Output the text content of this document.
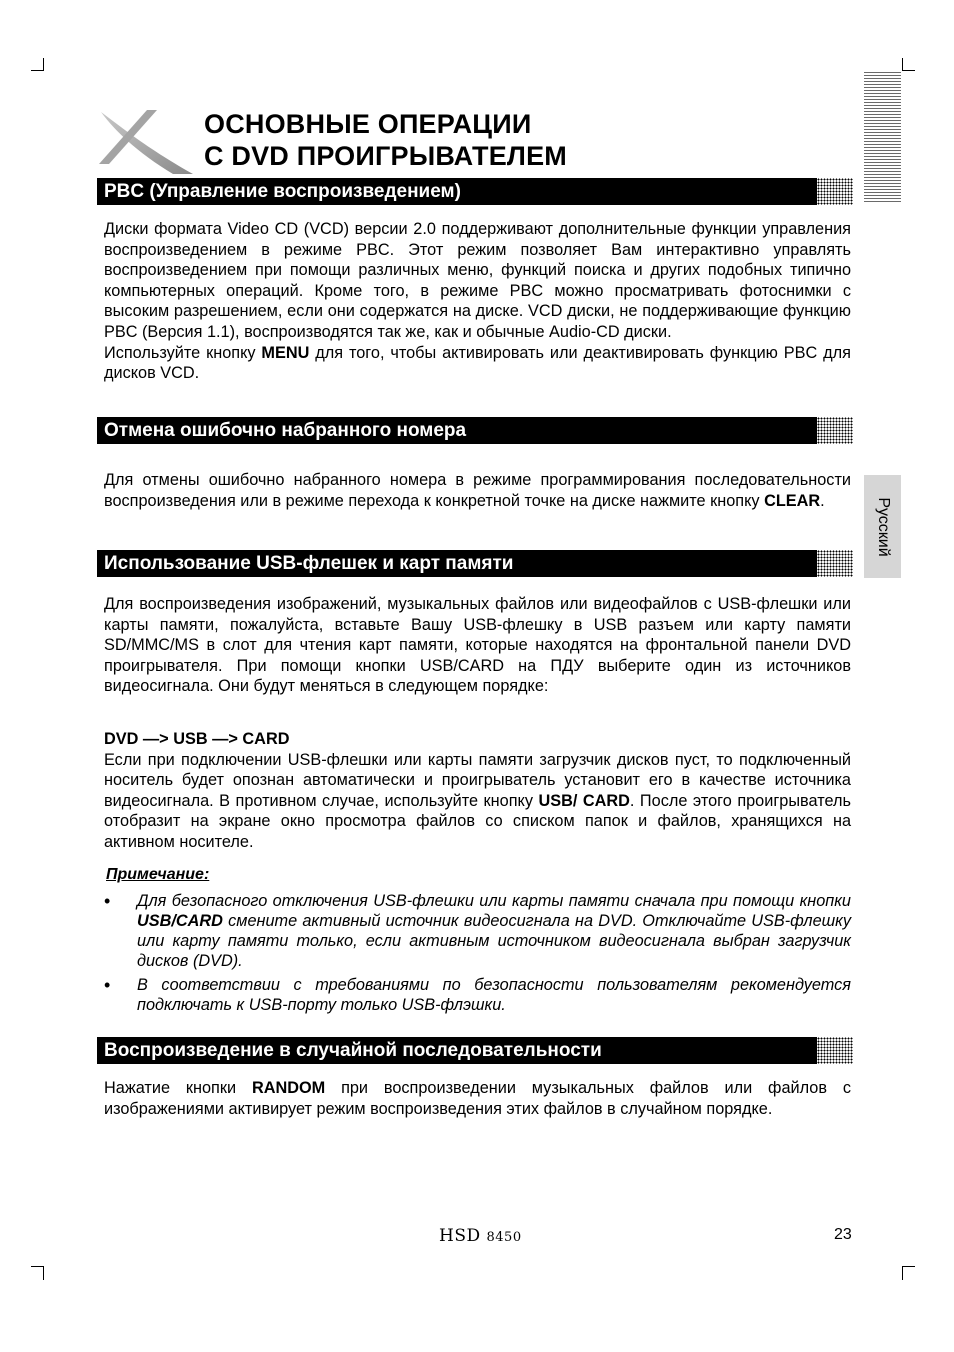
ОСНОВНЫЕ ОПЕРАЦИИ
С DVD ПРОИГРЫВАТЕЛЕМ
PBC (Управление воспроизведением)

Диски формата Video CD (VCD) версии 2.0 поддерживают дополнительные функции управления воспроизведением в режиме PBC. Этот режим позволяет Вам интерактивно управлять воспроизведением при помощи различных меню, функций поиска и других подобных типично компьютерных операций. Кроме того, в режиме PBC можно просматривать фотоснимки с высоким разрешением, если они содержатся на диске. VCD диски, не поддерживающие функцию PBC (Версия 1.1), воспроизводятся так же, как и обычные Audio-CD диски.

Используйте кнопку MENU для того, чтобы активировать или деактивировать функцию PBC для дисков VCD.

Отмена ошибочно набранного номера

Для отмены ошибочно набранного номера в режиме программирования последовательности воспроизведения или в режиме перехода к конкретной точке на диске нажмите кнопку CLEAR.

Использование USB-флешек и карт памяти

Для воспроизведения изображений, музыкальных файлов или видеофайлов с USB-флешки или карты памяти, пожалуйста, вставьте Вашу USB-флешку в USB разъем или карту памяти SD/MMC/MS в слот для чтения карт памяти, которые находятся на фронтальной панели DVD проигрывателя. При помощи кнопки USB/CARD на ПДУ выберите один из источников видеосигнала. Они будут меняться в следующем порядке:

DVD —> USB —> CARD

Если при подключении USB-флешки или карты памяти загрузчик дисков пуст, то подключенный носитель будет опознан автоматически и проигрыватель установит его в качестве источника видеосигнала. В противном случае, используйте кнопку USB/ CARD. После этого проигрыватель отобразит на экране окно просмотра файлов со списком папок и файлов, хранящихся на активном носителе.

Примечание:
• Для безопасного отключения USB-флешки или карты памяти сначала при помощи кнопки USB/CARD смените активный источник видеосигнала на DVD. Отключайте USB-флешку или карту памяти только, если активным источником видеосигнала выбран загрузчик дисков (DVD).
• В соответствии с требованиями по безопасности пользователям рекомендуется подключать к USB-порту только USB-флэшки.
Воспроизведение в случайной последовательности

Нажатие кнопки RANDOM при воспроизведении музыкальных файлов или файлов с изображениями активирует режим воспроизведения этих файлов в случайном порядке.

Русский
HSD 8450	23
